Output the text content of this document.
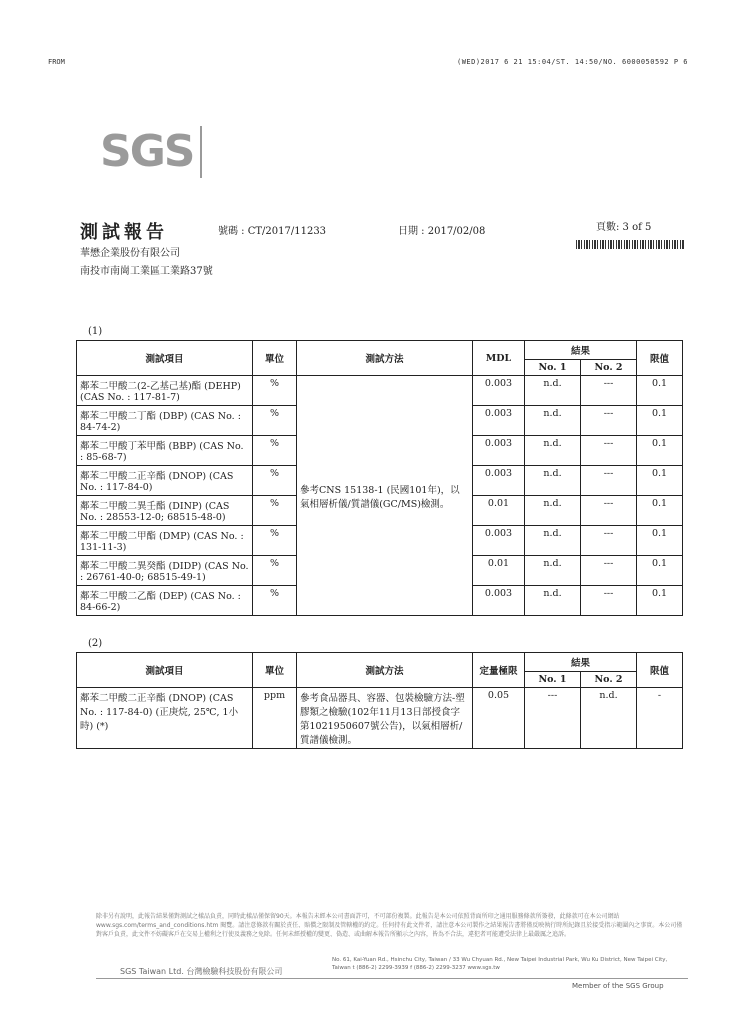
FROM	(WED)2017 6 21 15:04/ST. 14:50/NO. 6000050592 P 6
SGS
測試報告	號碼 : CT/2017/11233	日期 : 2017/02/08	頁數: 3 of 5
華懋企業股份有限公司
南投市南崗工業區工業路37號
(1)
測試項目	單位	測試方法	MDL	結果		限值
				No. 1	No. 2	
鄰苯二甲酸二(2-乙基己基)酯 (DEHP) (CAS No. : 117-81-7)	%	參考CNS 15138-1 (民國101年)，以氣相層析儀/質譜儀(GC/MS)檢測。	0.003	n.d.	---	0.1
鄰苯二甲酸二丁酯 (DBP) (CAS No. : 84-74-2)	%		0.003	n.d.	---	0.1
鄰苯二甲酸丁苯甲酯 (BBP) (CAS No. : 85-68-7)	%		0.003	n.d.	---	0.1
鄰苯二甲酸二正辛酯 (DNOP) (CAS No. : 117-84-0)	%		0.003	n.d.	---	0.1
鄰苯二甲酸二異壬酯 (DINP) (CAS No. : 28553-12-0; 68515-48-0)	%		0.01	n.d.	---	0.1
鄰苯二甲酸二甲酯 (DMP) (CAS No. : 131-11-3)	%		0.003	n.d.	---	0.1
鄰苯二甲酸二異癸酯 (DIDP) (CAS No. : 26761-40-0; 68515-49-1)	%		0.01	n.d.	---	0.1
鄰苯二甲酸二乙酯 (DEP) (CAS No. : 84-66-2)	%		0.003	n.d.	---	0.1
(2)
測試項目	單位	測試方法	定量極限	結果		限值
				No. 1	No. 2	
鄰苯二甲酸二正辛酯 (DNOP) (CAS No. : 117-84-0) (正庚烷, 25℃, 1小時) (*)	ppm	參考食品器具、容器、包裝檢驗方法-塑膠類之檢驗(102年11月13日部授食字第1021950607號公告)，以氣相層析/質譜儀檢測。	0.05	---	n.d.	-
除非另有說明，此報告結果僅對測試之樣品負責，同時此樣品僅保留90天。本報告未經本公司書面許可，不可部份複製。此報告是本公司依照背面所印之通用服務條款所簽發，此條款可在本公司網站 www.sgs.com/terms_and_conditions.htm 閱覽。請注意條款有關於責任、賠償之限制及管轄權的約定。任何持有此文件者，請注意本公司製作之結果報告書將僅反映執行時所紀錄且於接受指示範圍內之事實。本公司僅對客戶負責，此文件不妨礙客戶在交易上權利之行使及義務之免除。任何未經授權的變更、偽造、或曲解本報告所顯示之內容，皆為不合法，違犯者可能遭受法律上最嚴厲之追訴。
SGS Taiwan Ltd. 台灣檢驗科技股份有限公司
No. 61, Kai-Yuan Rd., Hsinchu City, Taiwan / 33 Wu Chyuan Rd., New Taipei Industrial Park, Wu Ku District, New Taipei City, Taiwan t (886-2) 2299-3939 f (886-2) 2299-3237 www.sgs.tw
Member of the SGS Group
